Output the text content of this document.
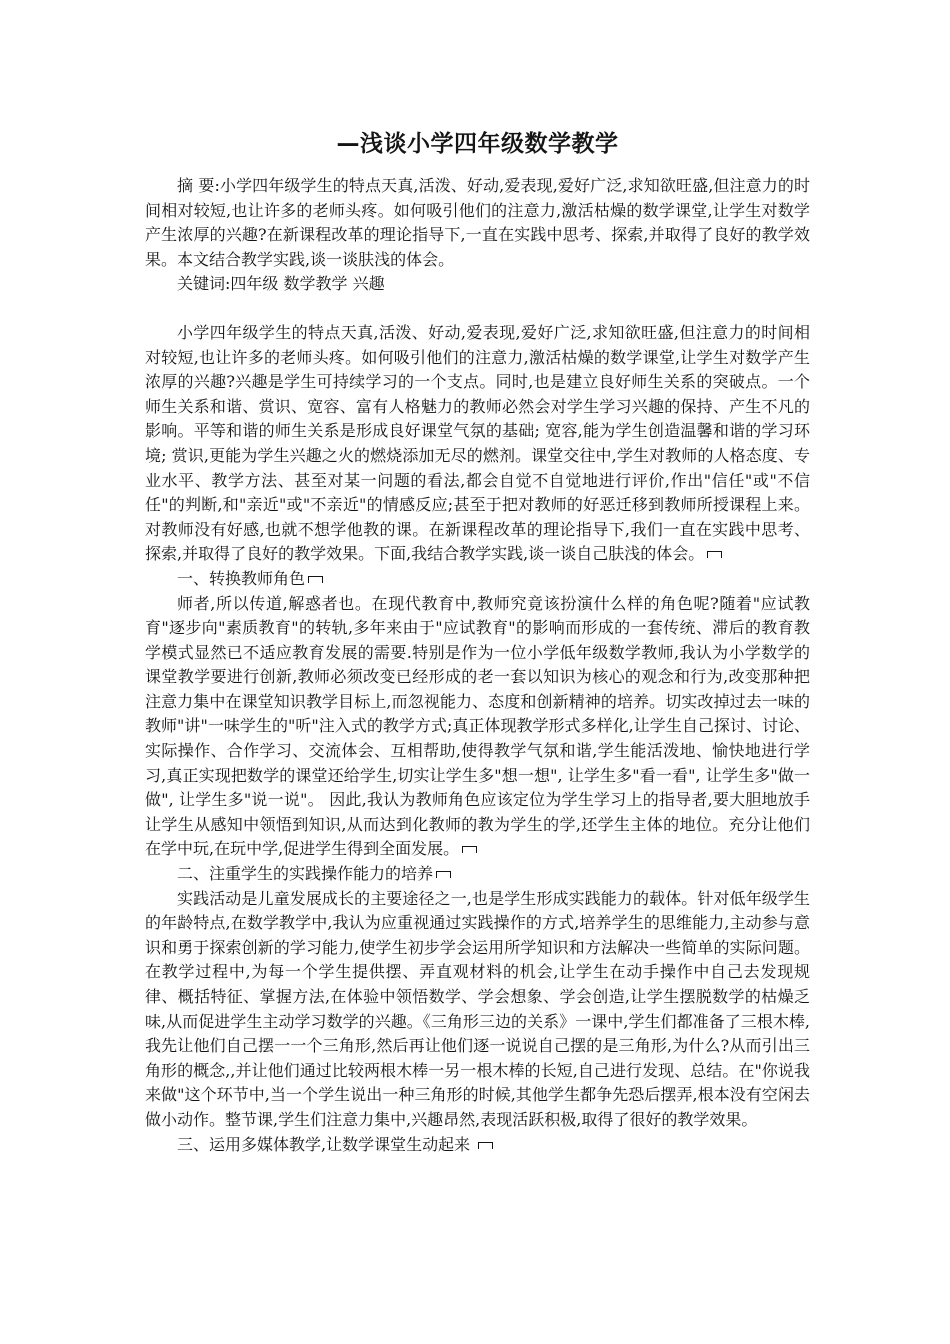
—浅谈小学四年级数学教学

摘 要:小学四年级学生的特点天真,活泼、好动,爱表现,爱好广泛,求知欲旺盛,但注意力的时间相对较短,也让许多的老师头疼。如何吸引他们的注意力,激活枯燥的数学课堂,让学生对数学产生浓厚的兴趣?在新课程改革的理论指导下,一直在实践中思考、探索,并取得了良好的教学效果。本文结合教学实践,谈一谈肤浅的体会。

关键词:四年级 数学教学 兴趣

小学四年级学生的特点天真,活泼、好动,爱表现,爱好广泛,求知欲旺盛,但注意力的时间相对较短,也让许多的老师头疼。如何吸引他们的注意力,激活枯燥的数学课堂,让学生对数学产生浓厚的兴趣?兴趣是学生可持续学习的一个支点。同时,也是建立良好师生关系的突破点。一个师生关系和谐、赏识、宽容、富有人格魅力的教师必然会对学生学习兴趣的保持、产生不凡的影响。平等和谐的师生关系是形成良好课堂气氛的基础; 宽容,能为学生创造温馨和谐的学习环境; 赏识,更能为学生兴趣之火的燃烧添加无尽的燃剂。课堂交往中,学生对教师的人格态度、专业水平、教学方法、甚至对某一问题的看法,都会自觉不自觉地进行评价,作出"信任"或"不信任"的判断,和"亲近"或"不亲近"的情感反应;甚至于把对教师的好恶迁移到教师所授课程上来。对教师没有好感,也就不想学他教的课。在新课程改革的理论指导下,我们一直在实践中思考、探索,并取得了良好的教学效果。下面,我结合教学实践,谈一谈自己肤浅的体会。

一、转换教师角色

师者,所以传道,解惑者也。在现代教育中,教师究竟该扮演什么样的角色呢?随着"应试教育"逐步向"素质教育"的转轨,多年来由于"应试教育"的影响而形成的一套传统、滞后的教育教学模式显然已不适应教育发展的需要.特别是作为一位小学低年级数学教师,我认为小学数学的课堂教学要进行创新,教师必须改变已经形成的老一套以知识为核心的观念和行为,改变那种把注意力集中在课堂知识教学目标上,而忽视能力、态度和创新精神的培养。切实改掉过去一味的教师"讲"一味学生的"听"注入式的教学方式;真正体现教学形式多样化,让学生自己探讨、讨论、实际操作、合作学习、交流体会、互相帮助,使得教学气氛和谐,学生能活泼地、愉快地进行学习,真正实现把数学的课堂还给学生,切实让学生多"想一想", 让学生多"看一看", 让学生多"做一做", 让学生多"说一说"。 因此,我认为教师角色应该定位为学生学习上的指导者,要大胆地放手让学生从感知中领悟到知识,从而达到化教师的教为学生的学,还学生主体的地位。充分让他们在学中玩,在玩中学,促进学生得到全面发展。

二、注重学生的实践操作能力的培养

实践活动是儿童发展成长的主要途径之一,也是学生形成实践能力的载体。针对低年级学生的年龄特点,在数学教学中,我认为应重视通过实践操作的方式,培养学生的思维能力,主动参与意识和勇于探索创新的学习能力,使学生初步学会运用所学知识和方法解决一些简单的实际问题。在教学过程中,为每一个学生提供摆、弄直观材料的机会,让学生在动手操作中自己去发现规律、概括特征、掌握方法,在体验中领悟数学、学会想象、学会创造,让学生摆脱数学的枯燥乏味,从而促进学生主动学习数学的兴趣。《三角形三边的关系》一课中,学生们都准备了三根木棒,我先让他们自己摆一一个三角形,然后再让他们逐一说说自己摆的是三角形,为什么?从而引出三角形的概念,,并让他们通过比较两根木棒一另一根木棒的长短,自己进行发现、总结。在"你说我来做"这个环节中,当一个学生说出一种三角形的时候,其他学生都争先恐后摆弄,根本没有空闲去做小动作。整节课,学生们注意力集中,兴趣昂然,表现活跃积极,取得了很好的教学效果。

三、运用多媒体教学,让数学课堂生动起来
